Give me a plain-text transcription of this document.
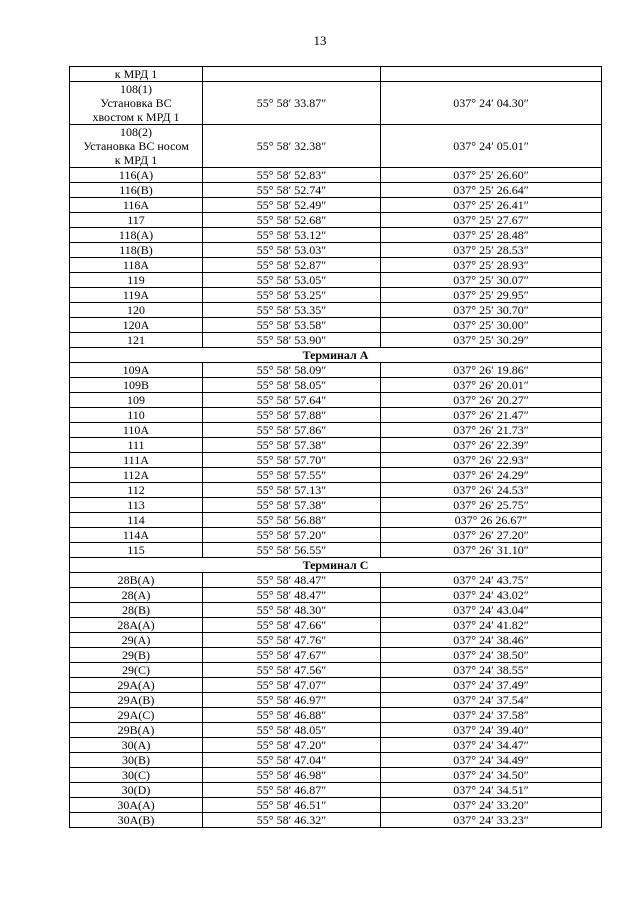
13
к МРД 1		

108(1)
Установка ВС
хвостом к МРД 1	55° 58′ 33.87″	037° 24′ 04.30″

108(2)
Установка ВС носом
к МРД 1	55° 58′ 32.38″	037° 24′ 05.01″
116(A)	55° 58′ 52.83″	037° 25′ 26.60″
116(B)	55° 58′ 52.74″	037° 25′ 26.64″
116A	55° 58′ 52.49″	037° 25′ 26.41″
117	55° 58′ 52.68″	037° 25′ 27.67″
118(A)	55° 58′ 53.12″	037° 25′ 28.48″
118(B)	55° 58′ 53.03″	037° 25′ 28.53″
118A	55° 58′ 52.87″	037° 25′ 28.93″
119	55° 58′ 53.05″	037° 25′ 30.07″
119A	55° 58′ 53.25″	037° 25′ 29.95″
120	55° 58′ 53.35″	037° 25′ 30.70″
120A	55° 58′ 53.58″	037° 25′ 30.00″
121	55° 58′ 53.90″	037° 25′ 30.29″
Терминал А		
109A	55° 58′ 58.09″	037° 26′ 19.86″
109B	55° 58′ 58.05″	037° 26′ 20.01″
109	55° 58′ 57.64″	037° 26′ 20.27″
110	55° 58′ 57.88″	037° 26′ 21.47″
110A	55° 58′ 57.86″	037° 26′ 21.73″
111	55° 58′ 57.38″	037° 26′ 22.39″
111A	55° 58′ 57.70″	037° 26′ 22.93″
112A	55° 58′ 57.55″	037° 26′ 24.29″
112	55° 58′ 57.13″	037° 26′ 24.53″
113	55° 58′ 57.38″	037° 26′ 25.75″
114	55° 58′ 56.88″	037° 26 26.67″
114A	55° 58′ 57.20″	037° 26′ 27.20″
115	55° 58′ 56.55″	037° 26′ 31.10″
Терминал С		
28B(A)	55° 58′ 48.47″	037° 24′ 43.75″
28(A)	55° 58′ 48.47″	037° 24′ 43.02″
28(B)	55° 58′ 48.30″	037° 24′ 43.04″
28A(A)	55° 58′ 47.66″	037° 24′ 41.82″
29(A)	55° 58′ 47.76″	037° 24′ 38.46″
29(B)	55° 58′ 47.67″	037° 24′ 38.50″
29(C)	55° 58′ 47.56″	037° 24′ 38.55″
29A(A)	55° 58′ 47.07″	037° 24′ 37.49″
29A(B)	55° 58′ 46.97″	037° 24′ 37.54″
29A(C)	55° 58′ 46.88″	037° 24′ 37.58″
29B(A)	55° 58′ 48.05″	037° 24′ 39.40″
30(A)	55° 58′ 47.20″	037° 24′ 34.47″
30(B)	55° 58′ 47.04″	037° 24′ 34.49″
30(C)	55° 58′ 46.98″	037° 24′ 34.50″
30(D)	55° 58′ 46.87″	037° 24′ 34.51″
30A(A)	55° 58′ 46.51″	037° 24′ 33.20″
30A(B)	55° 58′ 46.32″	037° 24′ 33.23″
